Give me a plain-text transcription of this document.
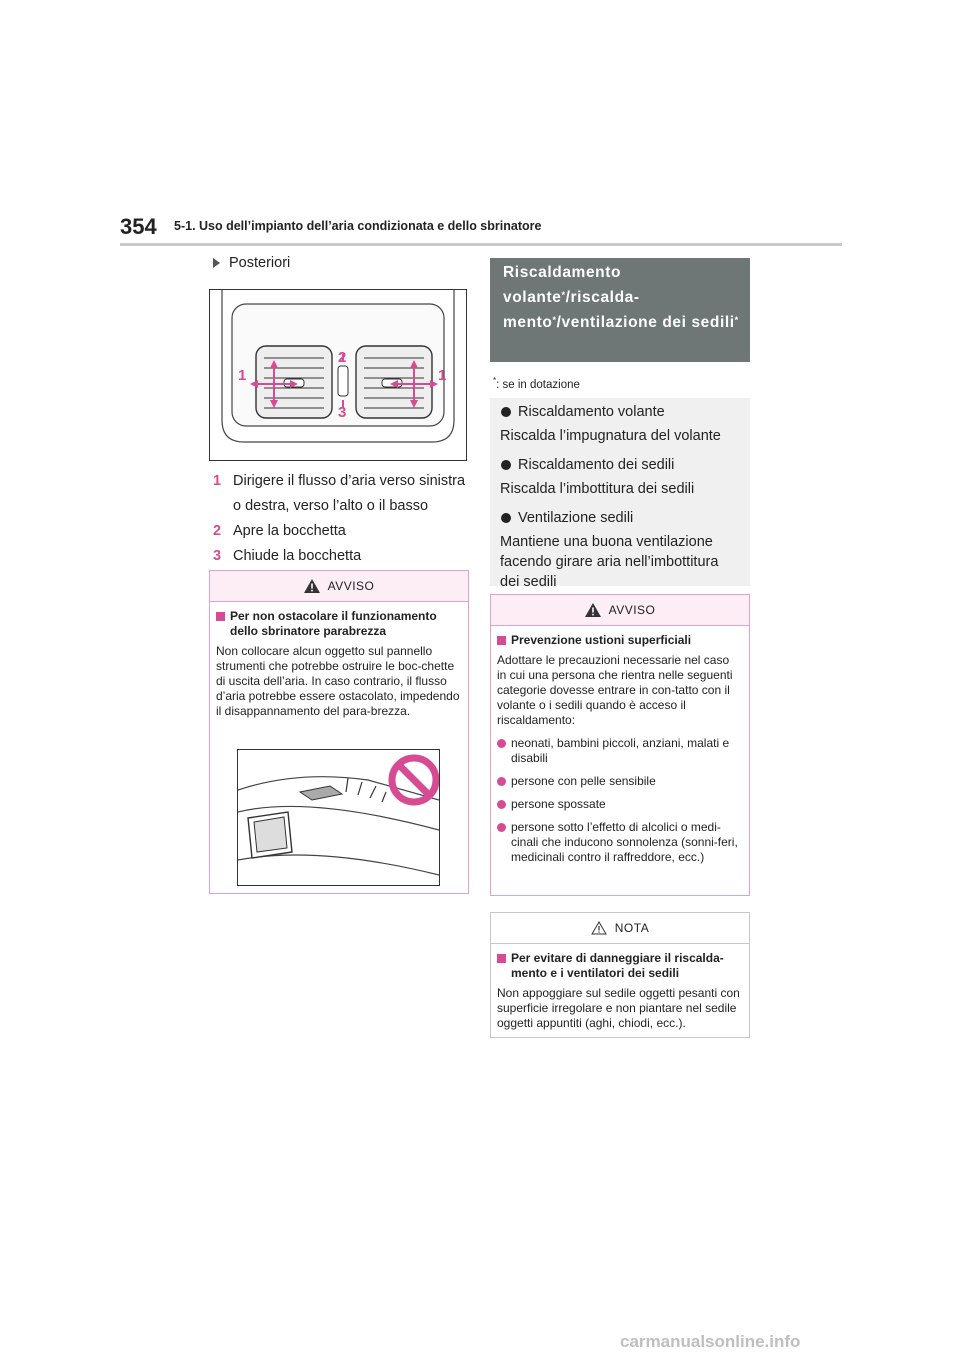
354 5-1. Uso dell’impianto dell’aria condizionata e dello sbrinatore
Posteriori
1	1
2
3
1 Dirigere il flusso d’aria verso sinistra o destra, verso l’alto o il basso
2 Apre la bocchetta
3 Chiude la bocchetta
AVVISO
Per non ostacolare il funzionamento dello sbrinatore parabrezza

Non collocare alcun oggetto sul pannello strumenti che potrebbe ostruire le boc-chette di uscita dell’aria. In caso contrario, il flusso d’aria potrebbe essere ostacolato, impedendo il disappannamento del para-brezza.

Riscaldamento volante*/riscalda-mento*/ventilazione dei sedili*
*: se in dotazione
Riscaldamento volante
Riscalda l’impugnatura del volante
Riscaldamento dei sedili
Riscalda l’imbottitura dei sedili
Ventilazione sedili
Mantiene una buona ventilazione facendo girare aria nell’imbottitura dei sedili
AVVISO
Prevenzione ustioni superficiali

Adottare le precauzioni necessarie nel caso in cui una persona che rientra nelle seguenti categorie dovesse entrare in con-tatto con il volante o i sedili quando è acceso il riscaldamento:

neonati, bambini piccoli, anziani, malati e disabili
persone con pelle sensibile
persone spossate
persone sotto l’effetto di alcolici o medi-cinali che inducono sonnolenza (sonni-feri, medicinali contro il raffreddore, ecc.)
NOTA
Per evitare di danneggiare il riscalda-mento e i ventilatori dei sedili

Non appoggiare sul sedile oggetti pesanti con superficie irregolare e non piantare nel sedile oggetti appuntiti (aghi, chiodi, ecc.).

carmanualsonline.info
